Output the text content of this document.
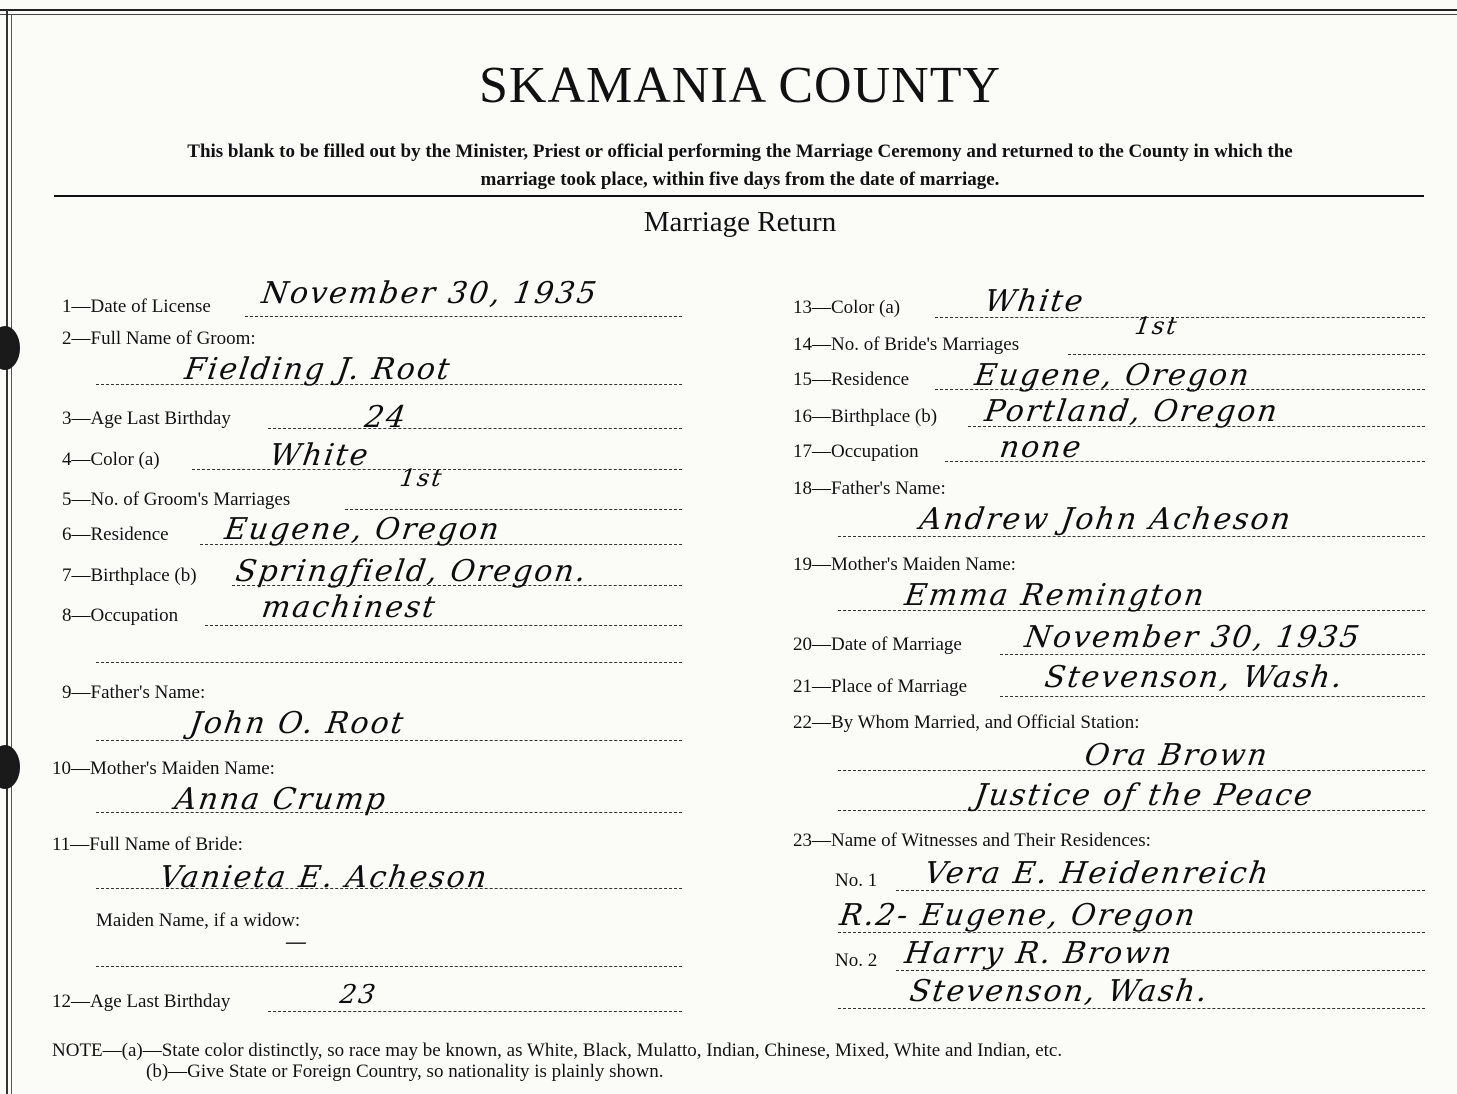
SKAMANIA COUNTY
This blank to be filled out by the Minister, Priest or official performing the Marriage Ceremony and returned to the County in which the marriage took place, within five days from the date of marriage.
Marriage Return
1—Date of License November 30, 1935
2—Full Name of Groom:
Fielding J. Root
3—Age Last Birthday	24
4—Color (a)	White
5—No. of Groom's Marriages
1st
6—Residence Eugene, Oregon
7—Birthplace (b) Springfield, Oregon.
8—Occupation	machinest
9—Father's Name:
John O. Root
10—Mother's Maiden Name:
Anna Crump
11—Full Name of Bride:
Vanieta E. Acheson
Maiden Name, if a widow:
—
12—Age Last Birthday	23
13—Color (a)	White
14—No. of Bride's Marriages
1st
15—Residence Eugene, Oregon
16—Birthplace (b) Portland, Oregon
17—Occupation	none
18—Father's Name:
Andrew John Acheson
19—Mother's Maiden Name:
Emma Remington
20—Date of Marriage November 30, 1935
21—Place of Marriage	Stevenson, Wash.
22—By Whom Married, and Official Station:
Ora Brown
Justice of the Peace
23—Name of Witnesses and Their Residences:
No. 1 Vera E. Heidenreich
R.2- Eugene, Oregon
No. 2 Harry R. Brown
Stevenson, Wash.
NOTE—(a)—State color distinctly, so race may be known, as White, Black, Mulatto, Indian, Chinese, Mixed, White and Indian, etc.
(b)—Give State or Foreign Country, so nationality is plainly shown.
